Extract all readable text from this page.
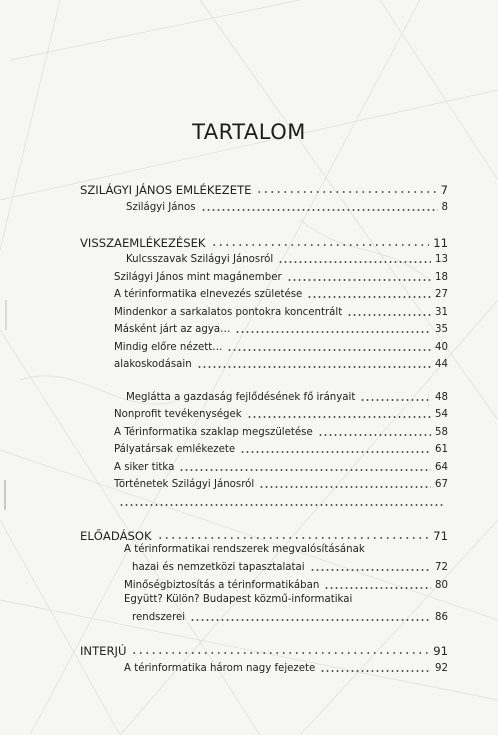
TARTALOM
SZILÁGYI JÁNOS EMLÉKEZETE	7
Szilágyi János	8
VISSZAEMLÉKEZÉSEK	11
Kulcsszavak Szilágyi Jánosról	13
Szilágyi János mint magánember	18
A térinformatika elnevezés születése	27
Mindenkor a sarkalatos pontokra koncentrált	31
Másként járt az agya…	35
Mindig előre nézett…	40
alakoskodásain	44
Meglátta a gazdaság fejlődésének fő irányait	48
Nonprofit tevékenységek	54
A Térinformatika szaklap megszületése	58
Pályatársak emlékezete	61
A siker titka	64
Történetek Szilágyi Jánosról	67
ELŐADÁSOK	71
A térinformatikai rendszerek megvalósításának
hazai és nemzetközi tapasztalatai	72
Minőségbiztosítás a térinformatikában	80
Együtt? Külön? Budapest közmű-informatikai
rendszerei	86
INTERJÚ	91
A térinformatika három nagy fejezete	92
